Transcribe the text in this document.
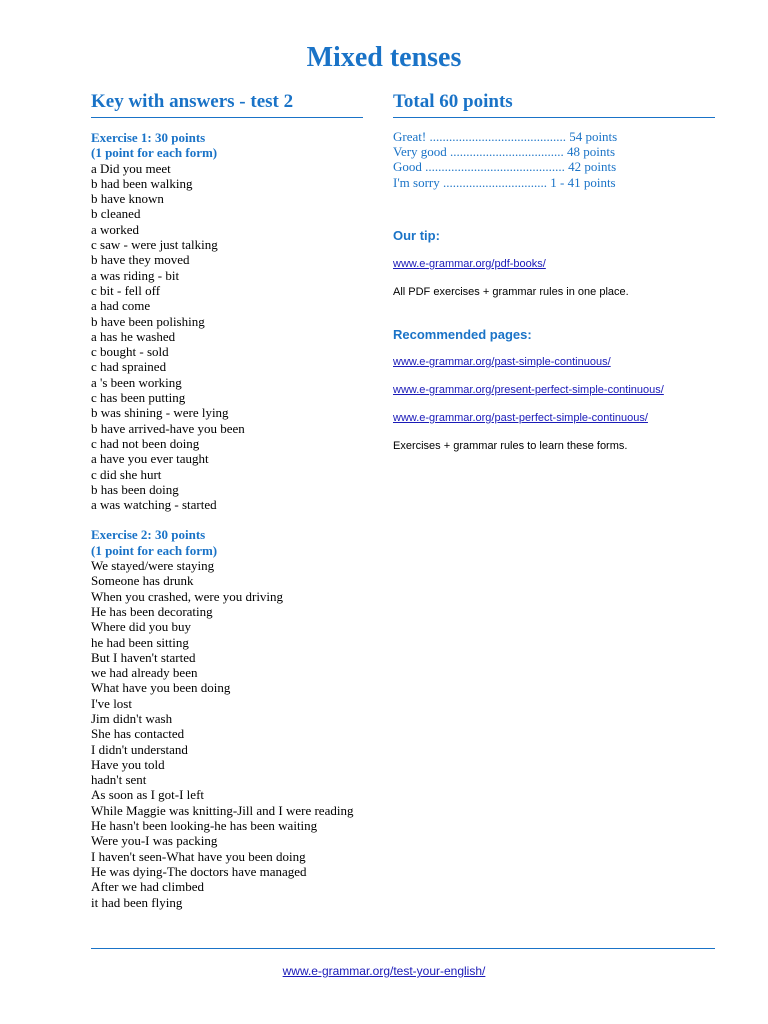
Mixed tenses
Key with answers - test 2
Exercise 1: 30 points
(1 point for each form)
a Did you meet
b had been walking
b have known
b cleaned
a worked
c saw - were just talking
b have they moved
a was riding - bit
c bit - fell off
a had come
b have been polishing
a has he washed
c bought - sold
c had sprained
a 's been working
c has been putting
b was shining - were lying
b have arrived-have you been
c had not been doing
a have you ever taught
c did she hurt
b has been doing
a was watching - started
Exercise 2: 30 points
(1 point for each form)
We stayed/were staying
Someone has drunk
When you crashed, were you driving
He has been decorating
Where did you buy
he had been sitting
But I haven't started
we had already been
What have you been doing
I've lost
Jim didn't wash
She has contacted
I didn't understand
Have you told
hadn't sent
As soon as I got-I left
While Maggie was knitting-Jill and I were reading
He hasn't been looking-he has been waiting
Were you-I was packing
I haven't seen-What have you been doing
He was dying-The doctors have managed
After we had climbed
it had been flying
Total 60 points
Great! .......................................... 54 points
Very good ................................... 48 points
Good ........................................... 42 points
I'm sorry ................................ 1 - 41 points
Our tip:
www.e-grammar.org/pdf-books/
All PDF exercises + grammar rules in one place.
Recommended pages:
www.e-grammar.org/past-simple-continuous/
www.e-grammar.org/present-perfect-simple-continuous/
www.e-grammar.org/past-perfect-simple-continuous/
Exercises + grammar rules to learn these forms.
www.e-grammar.org/test-your-english/
